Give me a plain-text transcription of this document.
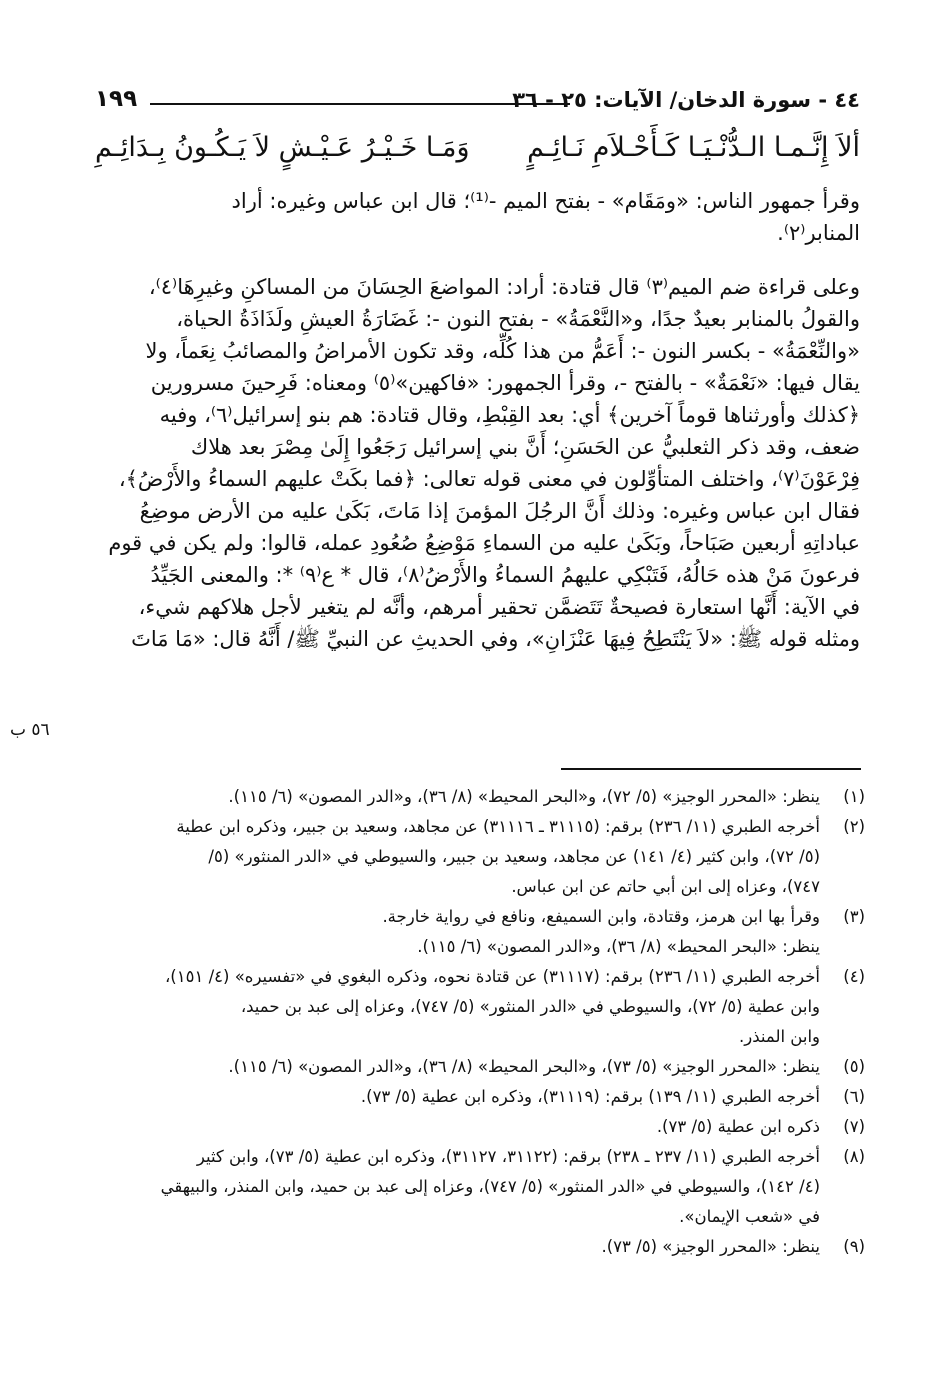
٤٤ - سورة الدخان/ الآيات: ٢٥ - ٣٦
١٩٩
ألاَ إِنَّـمـا الـدُّنْـيَـا كَـأَحْـلاَمِ نَـائِـمٍ
وَمَـا خَـيْـرُ عَـيْـشٍ لاَ يَـكُـونُ بِـدَائِـمِ

وقرأ جمهور الناس: «ومَقَام» - بفتح الميم -⁽¹⁾؛ قال ابن عباس وغيره: أراد
المنابر⁽٢⁾.

وعلى قراءة ضم الميم⁽٣⁾ قال قتادة: أراد: المواضعَ الحِسَانَ من المساكنِ وغيرِهَا⁽٤⁾،
والقولُ بالمنابر بعيدٌ جدًا، و«النَّعْمَةُ» - بفتح النون -: غَضَارَةُ العيشِ ولَذَاذَةُ الحياة،
«والنِّعْمَةُ» - بكسر النون -: أَعَمُّ من هذا كُلِّه، وقد تكون الأمراضُ والمصائبُ نِعَماً، ولا
يقال فيها: «نَعْمَةٌ» - بالفتح -، وقرأ الجمهور: «فاكهين»⁽٥⁾ ومعناه: فَرِحينَ مسرورين
﴿كذلك وأورثناها قوماً آخرين﴾ أي: بعد القِبْطِ، وقال قتادة: هم بنو إسرائيل⁽٦⁾، وفيه
ضعف، وقد ذكر الثعلبيُّ عن الحَسَنِ؛ أَنَّ بني إسرائيل رَجَعُوا إِلَىٰ مِصْرَ بعد هلاك
فِرْعَوْنَ⁽٧⁾، واختلف المتأوِّلون في معنى قوله تعالى: ﴿فما بكَتْ عليهم السماءُ والأَرْضُ﴾،
فقال ابن عباس وغيره: وذلك أَنَّ الرجُلَ المؤمنَ إذا مَاتَ، بَكَىٰ عليه من الأرض موضِعُ
عباداتِهِ أربعين صَبَاحاً، وبَكَىٰ عليه من السماءِ مَوْضِعُ صُعُودِ عمله، قالوا: ولم يكن في قوم
فرعونَ مَنْ هذه حَالُهُ، فَتَبْكِي عليهمُ السماءُ والأَرْضُ⁽٨⁾، قال * ع⁽٩⁾ *: والمعنى الجَيِّدُ
في الآية: أَنَّها استعارة فصيحةٌ تَتَضمَّن تحقير أمرهم، وأنَّه لم يتغير لأجل هلاكهم شيء،
ومثله قوله ﷺ: «لاَ يَنْتَطِحُ فِيهَا عَنْزَانِ»، وفي الحديثِ عن النبيِّ ﷺ/ أَنَّهُ قال: «مَا مَاتَ

٥٦ ب
(١)
ينظر: «المحرر الوجيز» (٥/ ٧٢)، و«البحر المحيط» (٨/ ٣٦)، و«الدر المصون» (٦/ ١١٥).
(٢)
أخرجه الطبري (١١/ ٢٣٦) برقم: (٣١١١٥ ـ ٣١١١٦) عن مجاهد، وسعيد بن جبير، وذكره ابن عطية
(٥/ ٧٢)، وابن كثير (٤/ ١٤١) عن مجاهد، وسعيد بن جبير، والسيوطي في «الدر المنثور» (٥/
٧٤٧)، وعزاه إلى ابن أبي حاتم عن ابن عباس.
(٣)
وقرأ بها ابن هرمز، وقتادة، وابن السميفع، ونافع في رواية خارجة.
ينظر: «البحر المحيط» (٨/ ٣٦)، و«الدر المصون» (٦/ ١١٥).
(٤)
أخرجه الطبري (١١/ ٢٣٦) برقم: (٣١١١٧) عن قتادة نحوه، وذكره البغوي في «تفسيره» (٤/ ١٥١)،
وابن عطية (٥/ ٧٢)، والسيوطي في «الدر المنثور» (٥/ ٧٤٧)، وعزاه إلى عبد بن حميد،
وابن المنذر.
(٥)
ينظر: «المحرر الوجيز» (٥/ ٧٣)، و«البحر المحيط» (٨/ ٣٦)، و«الدر المصون» (٦/ ١١٥).
(٦)
أخرجه الطبري (١١/ ١٣٩) برقم: (٣١١١٩)، وذكره ابن عطية (٥/ ٧٣).
(٧)
ذكره ابن عطية (٥/ ٧٣).
(٨)
أخرجه الطبري (١١/ ٢٣٧ ـ ٢٣٨) برقم: (٣١١٢٢، ٣١١٢٧)، وذكره ابن عطية (٥/ ٧٣)، وابن كثير
(٤/ ١٤٢)، والسيوطي في «الدر المنثور» (٥/ ٧٤٧)، وعزاه إلى عبد بن حميد، وابن المنذر، والبيهقي
في «شعب الإيمان».
(٩)
ينظر: «المحرر الوجيز» (٥/ ٧٣).
